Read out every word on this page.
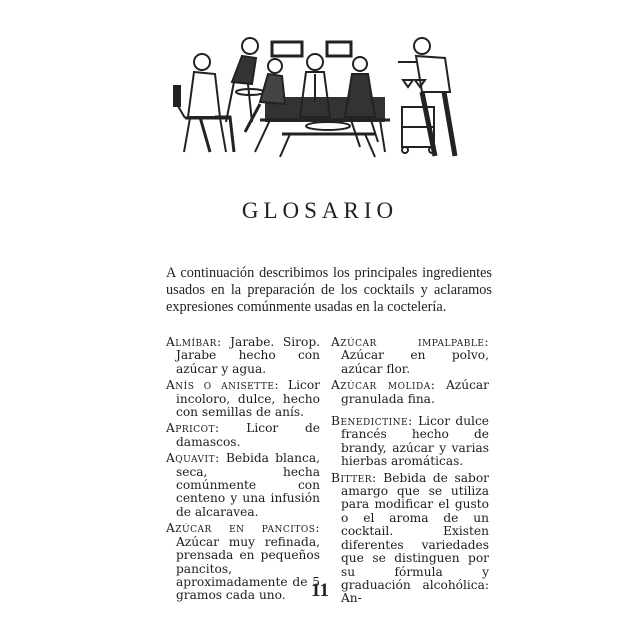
GLOSARIO
A continuación describimos los principales ingredientes usados en la preparación de los cocktails y aclaramos expresiones comúnmente usadas en la coctelería.
Almíbar: Jarabe. Sirop. Jarabe hecho con azúcar y agua.
Anís o anisette: Licor incoloro, dulce, hecho con semillas de anís.
Apricot: Licor de damascos.
Aquavit: Bebida blanca, seca, hecha comúnmente con centeno y una infusión de alcaravea.
Azúcar en pancitos: Azúcar muy refinada, prensada en pequeños pancitos, aproximadamente de 5 gramos cada uno.
Azúcar impalpable: Azúcar en polvo, azúcar flor.
Azúcar molida: Azúcar granulada fina.
Benedictine: Licor dulce francés hecho de brandy, azúcar y varias hierbas aromáticas.
Bitter: Bebida de sabor amargo que se utiliza para modificar el gusto o el aroma de un cocktail. Existen diferentes variedades que se distinguen por su fórmula y graduación alcohólica: An-
11
